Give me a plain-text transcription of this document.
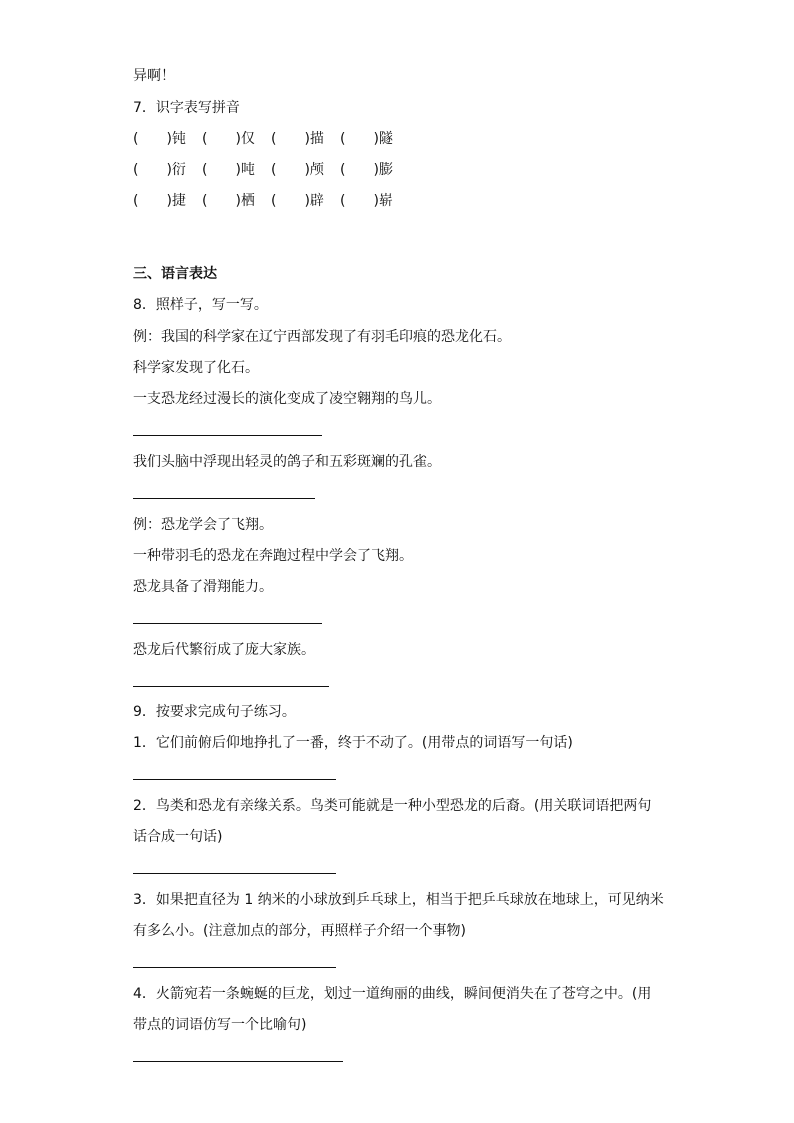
异啊！
7．识字表写拼音
(　　)钝 (　　)仅 (　　)描 (　　)隧
(　　)衍 (　　)吨 (　　)颅 (　　)膨
(　　)捷 (　　)栖 (　　)辟 (　　)崭
三、语言表达
8．照样子，写一写。
例：我国的科学家在辽宁西部发现了有羽毛印痕的恐龙化石。
科学家发现了化石。
一支恐龙经过漫长的演化变成了凌空翱翔的鸟儿。
我们头脑中浮现出轻灵的鸽子和五彩斑斓的孔雀。
例：恐龙学会了飞翔。
一种带羽毛的恐龙在奔跑过程中学会了飞翔。
恐龙具备了滑翔能力。
恐龙后代繁衍成了庞大家族。
9．按要求完成句子练习。
1．它们前俯后仰地挣扎了一番，终于不动了。(用带点的词语写一句话)
2．鸟类和恐龙有亲缘关系。鸟类可能就是一种小型恐龙的后裔。(用关联词语把两句
话合成一句话)
3．如果把直径为 1 纳米的小球放到乒乓球上，相当于把乒乓球放在地球上，可见纳米
有多么小。(注意加点的部分，再照样子介绍一个事物)
4．火箭宛若一条蜿蜒的巨龙，划过一道绚丽的曲线，瞬间便消失在了苍穹之中。(用
带点的词语仿写一个比喻句)
